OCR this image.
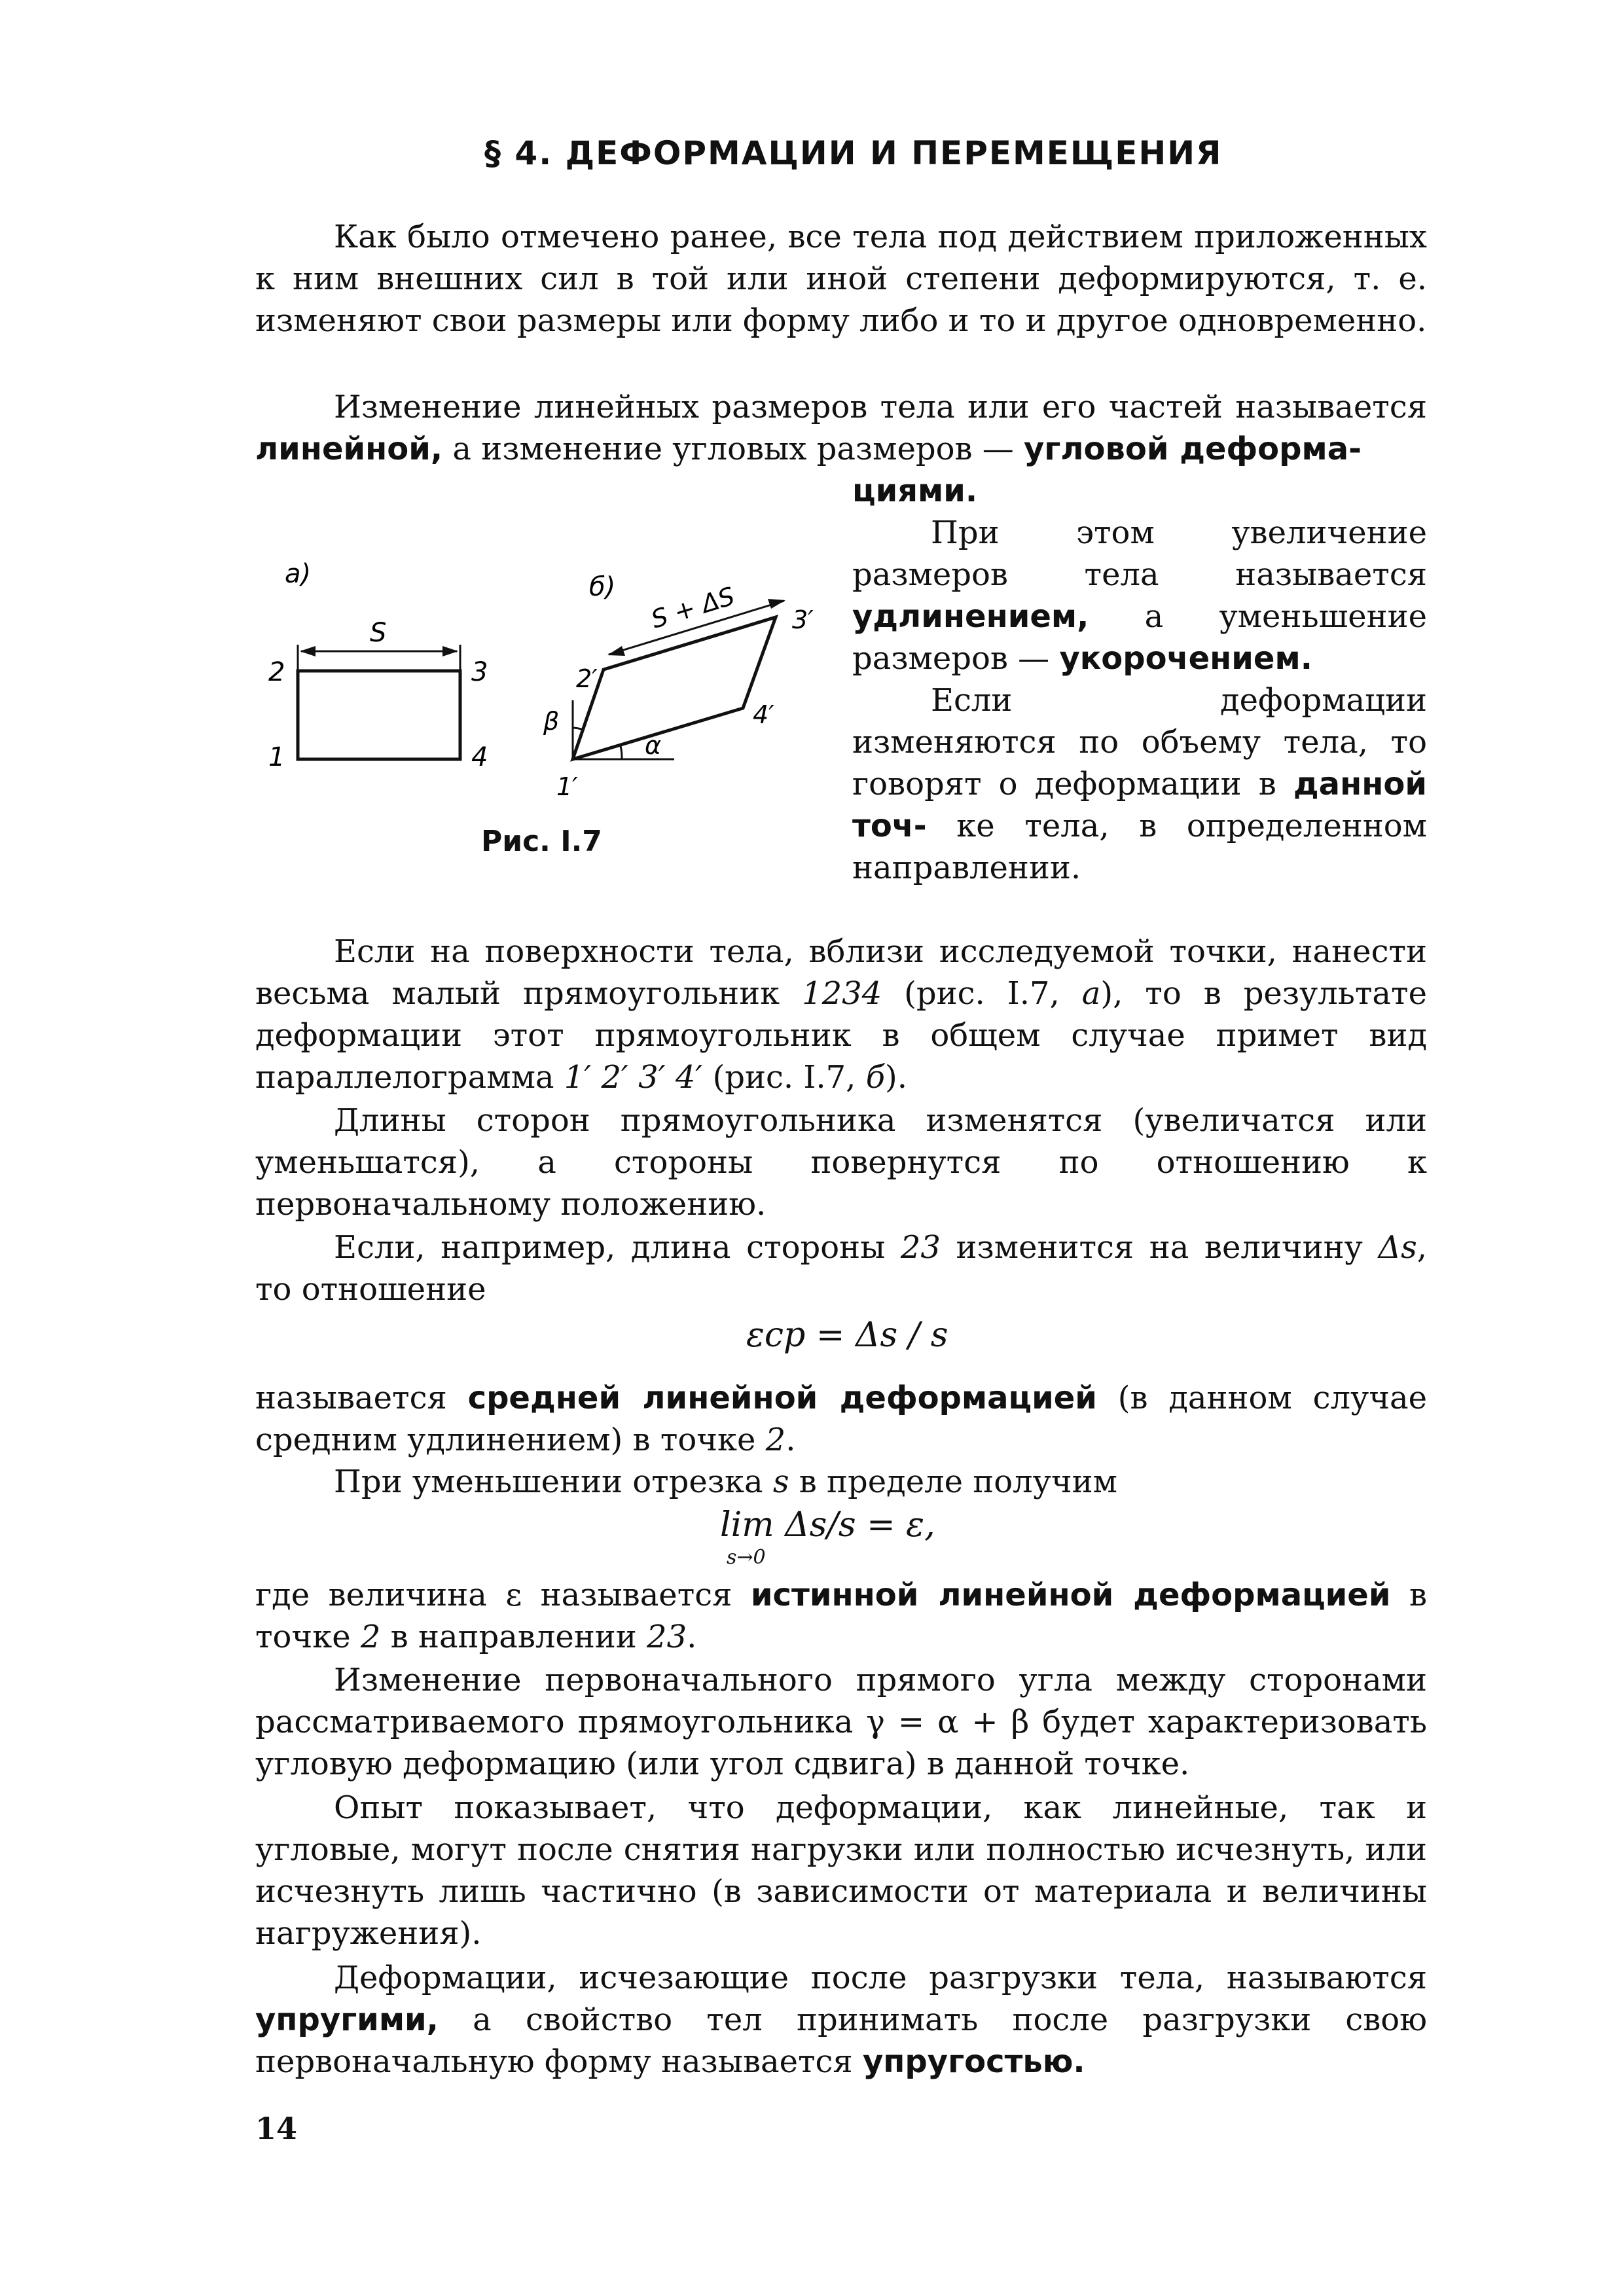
§ 4. ДЕФОРМАЦИИ И ПЕРЕМЕЩЕНИЯ

Как было отмечено ранее, все тела под действием приложенных к ним внешних сил в той или иной степени деформируются, т. е. изменяют свои размеры или форму либо и то и другое одновременно.

Изменение линейных размеров тела или его частей называется линейной, а изменение угловых размеров — угловой деформа-

циями.

При этом увеличение размеров тела называется удлинением, а уменьшение размеров — укорочением.

Если деформации изменяются по объему тела, то говорят о деформации в данной точ- ке тела, в определенном направлении.

а)
S
2	3
1	4
б) S + ΔS
α
β
1′
2′
3′
4′
Рис. I.7

Если на поверхности тела, вблизи исследуемой точки, нанести весьма малый прямоугольник 1234 (рис. I.7, а), то в результате деформации этот прямоугольник в общем случае примет вид параллелограмма 1′ 2′ 3′ 4′ (рис. I.7, б).

Длины сторон прямоугольника изменятся (увеличатся или уменьшатся), а стороны повернутся по отношению к первоначальному положению.

Если, например, длина стороны 23 изменится на величину Δs, то отношение

εср = Δs / s

называется средней линейной деформацией (в данном случае средним удлинением) в точке 2.

При уменьшении отрезка s в пределе получим

lim Δs/s = ε,
s→0

где величина ε называется истинной линейной деформацией в точке 2 в направлении 23.

Изменение первоначального прямого угла между сторонами рассматриваемого прямоугольника γ = α + β будет характеризовать угловую деформацию (или угол сдвига) в данной точке.

Опыт показывает, что деформации, как линейные, так и угловые, могут после снятия нагрузки или полностью исчезнуть, или исчезнуть лишь частично (в зависимости от материала и величины нагружения).

Деформации, исчезающие после разгрузки тела, называются упругими, а свойство тел принимать после разгрузки свою первоначальную форму называется упругостью.

14
